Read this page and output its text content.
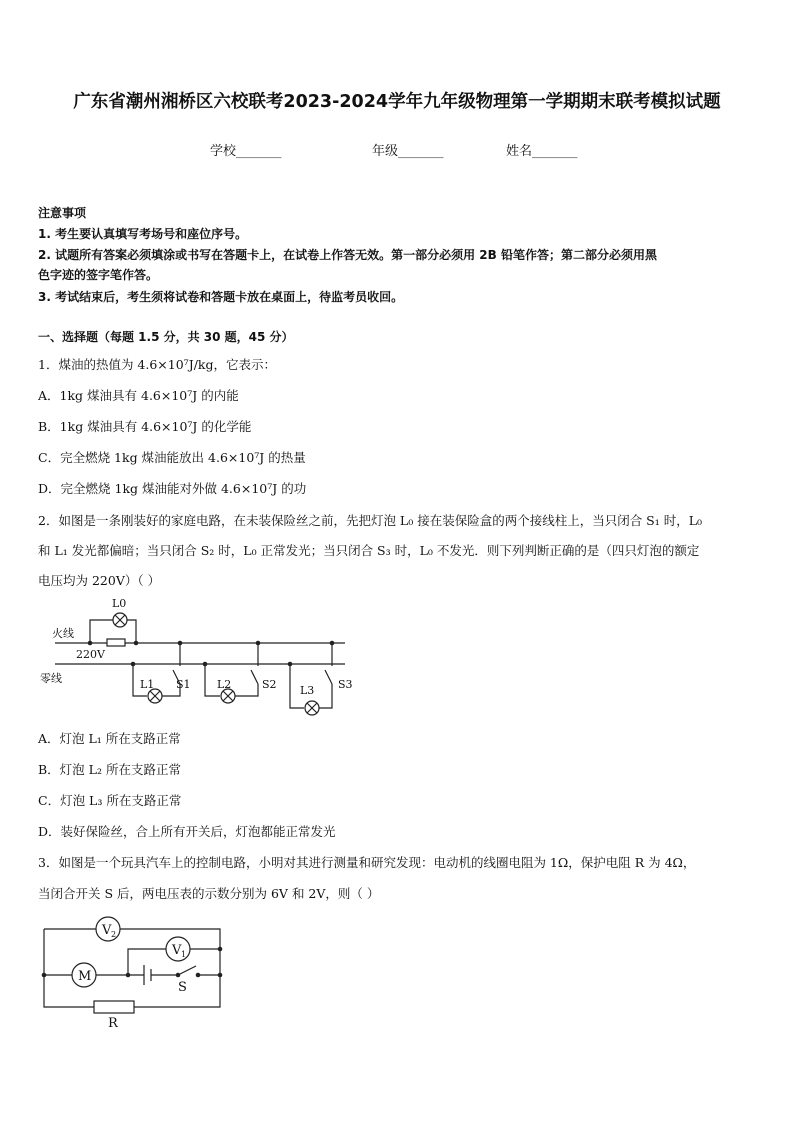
广东省潮州湘桥区六校联考2023-2024学年九年级物理第一学期期末联考模拟试题
学校_______	年级_______	姓名_______
注意事项
1. 考生要认真填写考场号和座位序号。
2. 试题所有答案必须填涂或书写在答题卡上，在试卷上作答无效。第一部分必须用 2B 铅笔作答；第二部分必须用黑
色字迹的签字笔作答。
3. 考试结束后，考生须将试卷和答题卡放在桌面上，待监考员收回。
一、选择题（每题 1.5 分，共 30 题，45 分）
1．煤油的热值为 4.6×10⁷J/kg，它表示：
A．1kg 煤油具有 4.6×10⁷J 的内能
B．1kg 煤油具有 4.6×10⁷J 的化学能
C．完全燃烧 1kg 煤油能放出 4.6×10⁷J 的热量
D．完全燃烧 1kg 煤油能对外做 4.6×10⁷J 的功
2．如图是一条刚装好的家庭电路，在未装保险丝之前，先把灯泡 L₀ 接在装保险盒的两个接线柱上，当只闭合 S₁ 时，L₀
和 L₁ 发光都偏暗；当只闭合 S₂ 时，L₀ 正常发光；当只闭合 S₃ 时，L₀ 不发光．则下列判断正确的是（四只灯泡的额定
电压均为 220V）（ ）
火线
零线
L0
220V
L1 S1 L2	S2 L3 S3
A．灯泡 L₁ 所在支路正常
B．灯泡 L₂ 所在支路正常
C．灯泡 L₃ 所在支路正常
D．装好保险丝，合上所有开关后，灯泡都能正常发光
3．如图是一个玩具汽车上的控制电路，小明对其进行测量和研究发现：电动机的线圈电阻为 1Ω，保护电阻 R 为 4Ω，
当闭合开关 S 后，两电压表的示数分别为 6V 和 2V，则（ ）
V 2
V 1
M
S
R
